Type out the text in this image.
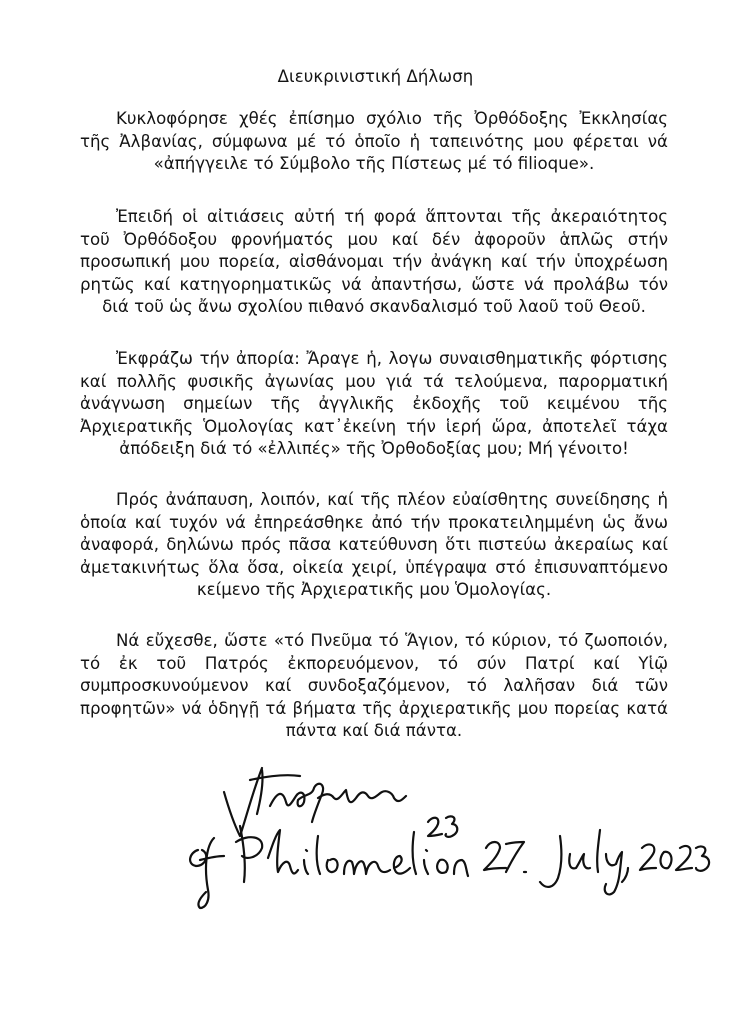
Διευκρινιστική Δήλωση

Κυκλοφόρησε χθές ἐπίσημο σχόλιο τῆς Ὀρθόδοξης Ἐκκλησίας τῆς Ἀλβανίας, σύμφωνα μέ τό ὁποῖο ἡ ταπεινότης μου φέρεται νά «ἀπήγγειλε τό Σύμβολο τῆς Πίστεως μέ τό filioque».

Ἐπειδή οἱ αἰτιάσεις αὐτή τή φορά ἅπτονται τῆς ἀκεραιότητος τοῦ Ὀρθόδοξου φρονήματός μου καί δέν ἀφοροῦν ἁπλῶς στήν προσωπική μου πορεία, αἰσθάνομαι τήν ἀνάγκη καί τήν ὑποχρέωση ρητῶς καί κατηγορηματικῶς νά ἀπαντήσω, ὥστε νά προλάβω τόν διά τοῦ ὡς ἄνω σχολίου πιθανό σκανδαλισμό τοῦ λαοῦ τοῦ Θεοῦ.

Ἐκφράζω τήν ἀπορία: Ἄραγε ἡ, λογω συναισθηματικῆς φόρτισης καί πολλῆς φυσικῆς ἀγωνίας μου γιά τά τελούμενα, παρορματική ἀνάγνωση σημείων τῆς ἀγγλικῆς ἐκδοχῆς τοῦ κειμένου τῆς Ἀρχιερατικῆς Ὁμολογίας κατ᾽ἐκείνη τήν ἱερή ὥρα, ἀποτελεῖ τάχα ἀπόδειξη διά τό «ἐλλιπές» τῆς Ὀρθοδοξίας μου; Μή γένοιτο!

Πρός ἀνάπαυση, λοιπόν, καί τῆς πλέον εὐαίσθητης συνείδησης ἡ ὁποία καί τυχόν νά ἐπηρεάσθηκε ἀπό τήν προκατειλημμένη ὡς ἄνω ἀναφορά, δηλώνω πρός πᾶσα κατεύθυνση ὅτι πιστεύω ἀκεραίως καί ἀμετακινήτως ὅλα ὅσα, οἰκεία χειρί, ὑπέγραψα στό ἐπισυναπτόμενο κείμενο τῆς Ἀρχιερατικῆς μου Ὁμολογίας.

Νά εὔχεσθε, ὥστε «τό Πνεῦμα τό Ἅγιον, τό κύριον, τό ζωοποιόν, τό ἐκ τοῦ Πατρός ἐκπορευόμενον, τό σύν Πατρί καί Υἱῷ συμπροσκυνούμενον καί συνδοξαζόμενον, τό λαλῆσαν διά τῶν προφητῶν» νά ὁδηγῇ τά βήματα τῆς ἀρχιερατικῆς μου πορείας κατά πάντα καί διά πάντα.
